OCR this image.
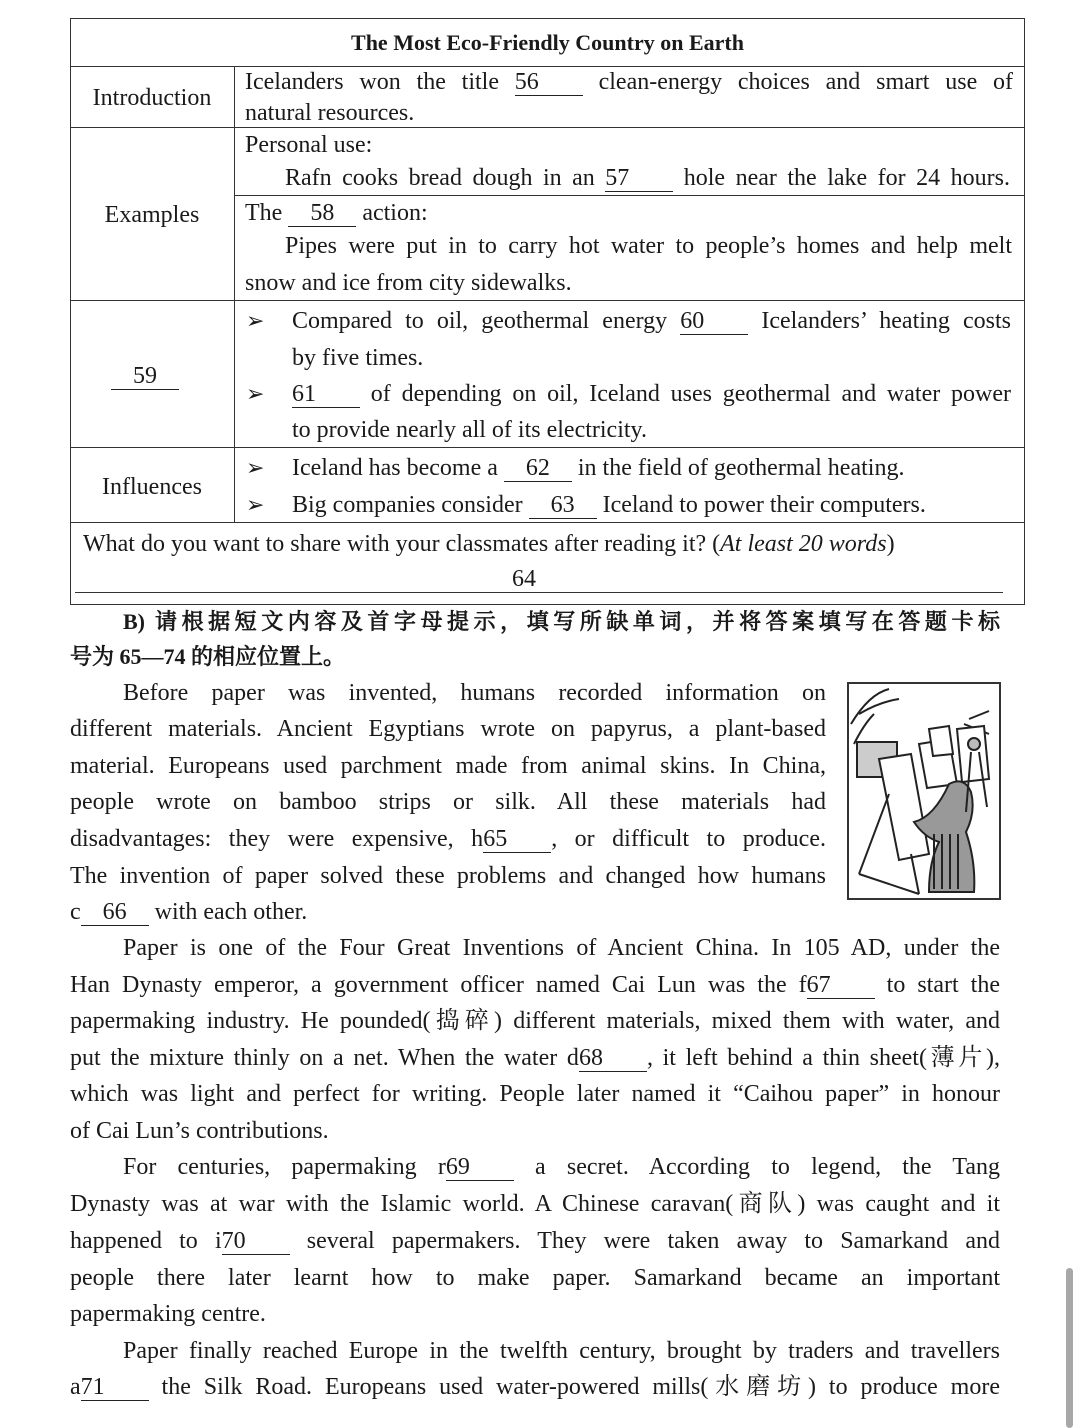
The Most Eco-Friendly Country on Earth
Introduction
Icelanders won the title 56 clean-energy choices and smart use of
natural resources.
Examples
Personal use:
Rafn cooks bread dough in an 57 hole near the lake for 24 hours.
The 58 action:
Pipes were put in to carry hot water to people’s homes and help melt
snow and ice from city sidewalks.
59
Compared to oil, geothermal energy 60 Icelanders’ heating costs
by five times.
61 of depending on oil, Iceland uses geothermal and water power
to provide nearly all of its electricity.
Influences
Iceland has become a 62 in the field of geothermal heating.
Big companies consider 63 Iceland to power their computers.
What do you want to share with your classmates after reading it? (At least 20 words)
64
B) 请根据短文内容及首字母提示，填写所缺单词，并将答案填写在答题卡标
号为 65—74 的相应位置上。
Before paper was invented, humans recorded information on
different materials. Ancient Egyptians wrote on papyrus, a plant-based
material. Europeans used parchment made from animal skins. In China,
people wrote on bamboo strips or silk. All these materials had
disadvantages: they were expensive, h65 , or difficult to produce.
The invention of paper solved these problems and changed how humans
c 66 with each other.
Paper is one of the Four Great Inventions of Ancient China. In 105 AD, under the
Han Dynasty emperor, a government officer named Cai Lun was the f67 to start the
papermaking industry. He pounded(捣碎) different materials, mixed them with water, and
put the mixture thinly on a net. When the water d68 , it left behind a thin sheet(薄片),
which was light and perfect for writing. People later named it “Caihou paper” in honour
of Cai Lun’s contributions.
For centuries, papermaking r69 a secret. According to legend, the Tang
Dynasty was at war with the Islamic world. A Chinese caravan(商队) was caught and it
happened to i70 several papermakers. They were taken away to Samarkand and
people there later learnt how to make paper. Samarkand became an important
papermaking centre.
Paper finally reached Europe in the twelfth century, brought by traders and travellers
a71 the Silk Road. Europeans used water-powered mills(水磨坊) to produce more
➢
➢
➢
➢
